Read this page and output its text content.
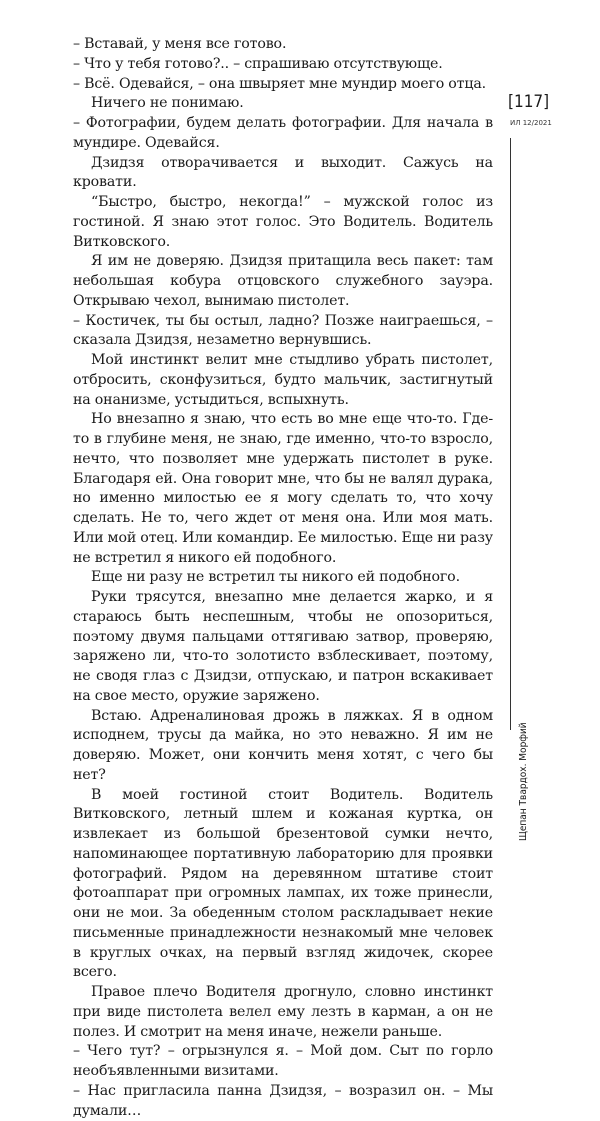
– Вставай, у меня все готово.

– Что у тебя готово?.. – спрашиваю отсутствующе.

– Всё. Одевайся, – она швыряет мне мундир моего отца.

Ничего не понимаю.

– Фотографии, будем делать фотографии. Для начала в мундире. Одевайся.

Дзидзя отворачивается и выходит. Сажусь на кровати.

“Быстро, быстро, некогда!” – мужской голос из гостиной. Я знаю этот голос. Это Водитель. Водитель Витковского.

Я им не доверяю. Дзидзя притащила весь пакет: там небольшая кобура отцовского служебного зауэра. Открываю чехол, вынимаю пистолет.

– Костичек, ты бы остыл, ладно? Позже наиграешься, – сказала Дзидзя, незаметно вернувшись.

Мой инстинкт велит мне стыдливо убрать пистолет, отбросить, сконфузиться, будто мальчик, застигнутый на онанизме, устыдиться, вспыхнуть.

Но внезапно я знаю, что есть во мне еще что-то. Где-то в глубине меня, не знаю, где именно, что-то взросло, нечто, что позволяет мне удержать пистолет в руке. Благодаря ей. Она говорит мне, что бы не валял дурака, но именно милостью ее я могу сделать то, что хочу сделать. Не то, чего ждет от меня она. Или моя мать. Или мой отец. Или командир. Ее милостью. Еще ни разу не встретил я никого ей подобного.

Еще ни разу не встретил ты никого ей подобного.

Руки трясутся, внезапно мне делается жарко, и я стараюсь быть неспешным, чтобы не опозориться, поэтому двумя пальцами оттягиваю затвор, проверяю, заряжено ли, что-то золотисто взблескивает, поэтому, не сводя глаз с Дзидзи, отпускаю, и патрон вскакивает на свое место, оружие заряжено.

Встаю. Адреналиновая дрожь в ляжках. Я в одном исподнем, трусы да майка, но это неважно. Я им не доверяю. Может, они кончить меня хотят, с чего бы нет?

В моей гостиной стоит Водитель. Водитель Витковского, летный шлем и кожаная куртка, он извлекает из большой брезентовой сумки нечто, напоминающее портативную лабораторию для проявки фотографий. Рядом на деревянном штативе стоит фотоаппарат при огромных лампах, их тоже принесли, они не мои. За обеденным столом раскладывает некие письменные принадлежности незнакомый мне человек в круглых очках, на первый взгляд жидочек, скорее всего.

Правое плечо Водителя дрогнуло, словно инстинкт при виде пистолета велел ему лезть в карман, а он не полез. И смотрит на меня иначе, нежели раньше.

– Чего тут? – огрызнулся я. – Мой дом. Сыт по горло необъявленными визитами.

– Нас пригласила панна Дзидзя, – возразил он. – Мы думали…

[117]
ИЛ 12/2021
Щепан Твардох. Морфий
